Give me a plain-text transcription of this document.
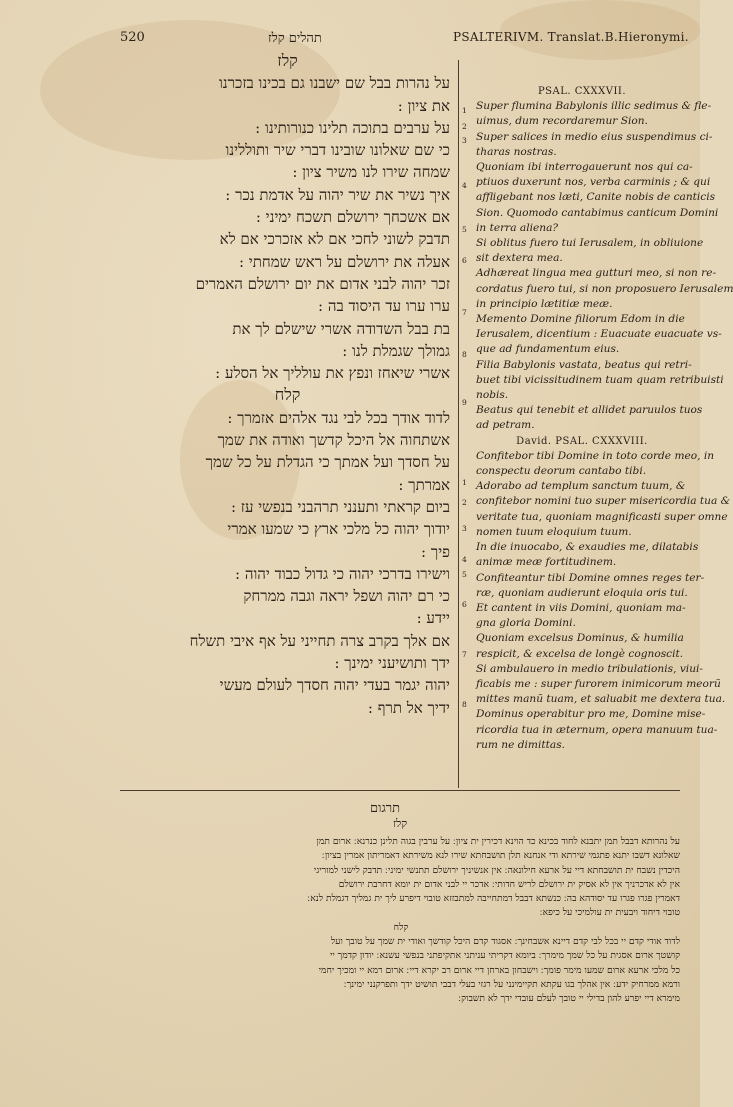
520	תהלים קלז	PSALTERIVM. Translat.B.Hieronymi.
קלז
על נהרות בבל שם ישבנו גם בכינו בזכרנו
את ציון :
על ערבים בתוכה תלינו כנורותינו :
כי שם שאלונו שובינו דברי שיר ותוללינו
שמחה שירו לנו משיר ציון :
איך נשיר את שיר יהוה על אדמת נכר :
אם אשכחך ירושלם תשכח ימיני :
תדבק לשוני לחכי אם לא אזכרכי אם לא
אעלה את ירושלם על ראש שמחתי :
זכר יהוה לבני אדום את יום ירושלם האמרים
ערו ערו עד היסוד בה :
בת בבל השדודה אשרי שישלם לך את
גמולך שגמלת לנו :
אשרי שיאחז ונפץ את עולליך אל הסלע :
קלח
לדוד אודך בכל לבי נגד אלהים אזמרך :
אשתחוה אל היכל קדשך ואודה את שמך
על חסדך ועל אמתך כי הגדלת על כל שמך
אמרתך :
ביום קראתי ותענני תרהבני בנפשי עז :
יודוך יהוה כל מלכי ארץ כי שמעו אמרי
פיך :
וישירו בדרכי יהוה כי גדול כבוד יהוה :
כי רם יהוה ושפל יראה וגבה ממרחק
יידע :
אם אלך בקרב צרה תחייני על אף איבי תשלח
ידך ותושיעני ימינך :
יהוה יגמר בעדי יהוה חסדך לעולם מעשי
ידיך אל תרף :
PSAL. CXXXVII.
Super flumina Babylonis illic sedimus & fle-
uimus, dum recordaremur Sion.
Super salices in medio eius suspendimus ci-
tharas nostras.
Quoniam ibi interrogauerunt nos qui ca-
ptiuos duxerunt nos, verba carminis ; & qui
affligebant nos læti, Canite nobis de canticis
Sion. Quomodo cantabimus canticum Domini
in terra aliena?
Si oblitus fuero tui Ierusalem, in obliuione
sit dextera mea.
Adhæreat lingua mea gutturi meo, si non re-
cordatus fuero tui, si non proposuero Ierusalem
in principio lætitiæ meæ.
Memento Domine filiorum Edom in die
Ierusalem, dicentium : Euacuate euacuate vs-
que ad fundamentum eius.
Filia Babylonis vastata, beatus qui retri-
buet tibi vicissitudinem tuam quam retribuisti
nobis.
Beatus qui tenebit et allidet paruulos tuos
ad petram.
David. PSAL. CXXXVIII.
Confitebor tibi Domine in toto corde meo, in
conspectu deorum cantabo tibi.
Adorabo ad templum sanctum tuum, &
confitebor nomini tuo super misericordia tua &
veritate tua, quoniam magnificasti super omne
nomen tuum eloquium tuum.
In die inuocabo, & exaudies me, dilatabis
animæ meæ fortitudinem.
Confiteantur tibi Domine omnes reges ter-
ræ, quoniam audierunt eloquia oris tui.
Et cantent in viis Domini, quoniam ma-
gna gloria Domini.
Quoniam excelsus Dominus, & humilia
respicit, & excelsa de longè cognoscit.
Si ambulauero in medio tribulationis, viui-
ficabis me : super furorem inimicorum meorũ
mittes manũ tuam, et saluabit me dextera tua.
Dominus operabitur pro me, Domine mise-
ricordia tua in æternum, opera manuum tua-
rum ne dimittas.
1
2
3
4
5
6
7
8
9
1
2
3
4
5
6
7
8
תרגום
קלז
על נהרותא דבבל תמן יתבנא לחוד בכינא כד הוינא דכירין ית ציון ׃ על ערבין בגוה תלינן כנרנא ׃ ארום תמן
שאלונא דשבו יתנא פתגמי שירתא ודי אנחנא תלן תושבחתא שירו לנא משירתא דאמריתון אמרין בציון ׃
היכדין נשבח ית תושבחתא דיי על ארעא חילונאה ׃ אין אנשיניך ירושלם תתנשי ימיני ׃ תדבק לישני למוריגי
אין לא אדכרניך אין לא אסיק ית ירושלם לריש חדותי ׃ אדכר יי לבני אדום ית יומא דחרבת ירושלם
דאמרין פגרו פגרו עד יסודהא בה ׃ כנשתא דבבל דמתחייבה למתבזזא טובוי דיפרע ליך ית גמליך דגמלת לנא ׃
טובוי דיחוד ויבעית ית עולמיכי על כיפא ׃
קלח
לדוד אודי קדם יי בכל לבי קדם דיינא אשבחינך ׃ אסגוד קדם היכל קודשך ואודי ית שמך על טובך ועל
קושטך ארום אסגית על כל שמך מימרך ׃ ביומא דקריתי עניתני אתקיפתני בנפשי עשנא ׃ יודון קדמך יי
כל מלכי ארעא ארום שמעו מימר פומך ׃ וישבחון בארחן דיי ארום רב יקרא דיי ׃ ארום רמא יי ומכיך יחמי
ורמא ממרחיק ידע ׃ אין אהלך בגו עקתא תקיימינני על רגזי בעלי דבבי תושיט ידך ותפרקנני ימינך ׃
מימרא דיי יפרע להון בדילי יי טובך לעלם עובדי ידך לא תשבוק ׃
